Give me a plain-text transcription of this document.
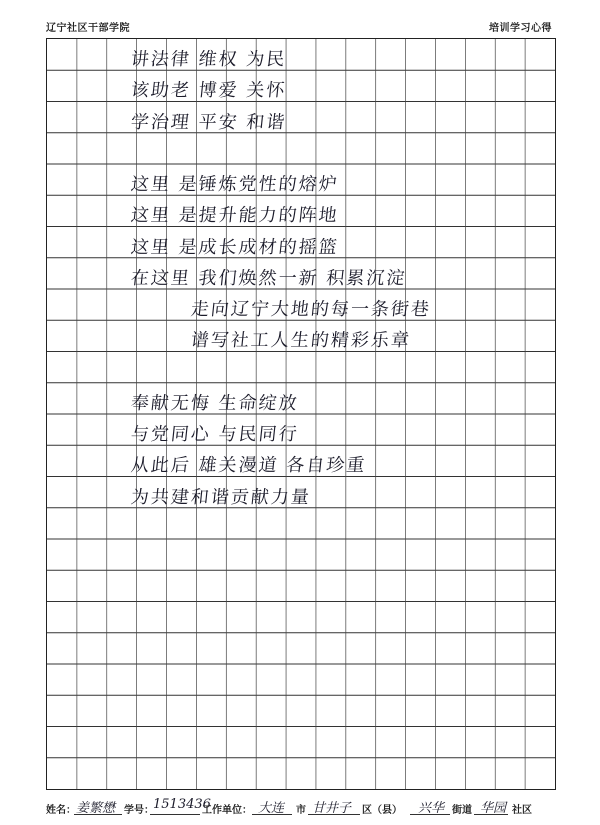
辽宁社区干部学院	培训学习心得
讲法律 维权 为民
该助老 博爱 关怀
学治理 平安 和谐
这里 是锤炼党性的熔炉
这里 是提升能力的阵地
这里 是成长成材的摇篮
在这里 我们焕然一新 积累沉淀
走向辽宁大地的每一条街巷
谱写社工人生的精彩乐章
奉献无悔 生命绽放
与党同心 与民同行
从此后 雄关漫道 各自珍重
为共建和谐贡献力量
姓名： 姜繁懋 学号： 1513436
工作单位： 大连 市 甘井子 区（县） 兴华 街道 华园 社区
